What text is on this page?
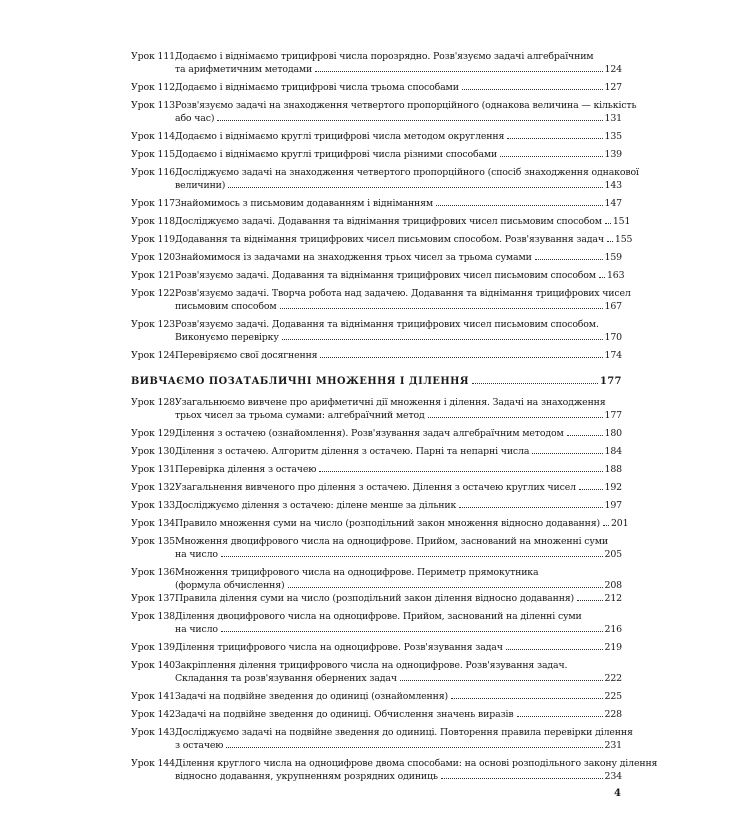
Урок 111.
Додаємо і віднімаємо трицифрові числа порозрядно. Розв'язуємо задачі алгебраїчним
та арифметичним методами	124
Урок 112.
Додаємо і віднімаємо трицифрові числа трьома способами	127
Урок 113.
Розв'язуємо задачі на знаходження четвертого пропорційного (однакова величина — кількість
або час)	131
Урок 114.
Додаємо і віднімаємо круглі трицифрові числа методом округлення	135
Урок 115.
Додаємо і віднімаємо круглі трицифрові числа різними способами	139
Урок 116.
Досліджуємо задачі на знаходження четвертого пропорційного (спосіб знаходження однакової
величини)	143
Урок 117.
Знайомимось з письмовим додаванням і відніманням	147
Урок 118.
Досліджуємо задачі. Додавання та віднімання трицифрових чисел письмовим способом 151
Урок 119.
Додавання та віднімання трицифрових чисел письмовим способом. Розв'язування задач 155
Урок 120.
Знайомимося із задачами на знаходження трьох чисел за трьома сумами	159
Урок 121.
Розв'язуємо задачі. Додавання та віднімання трицифрових чисел письмовим способом 163
Урок 122.
Розв'язуємо задачі. Творча робота над задачею. Додавання та віднімання трицифрових чисел
письмовим способом	167
Урок 123.
Розв'язуємо задачі. Додавання та віднімання трицифрових чисел письмовим способом.
Виконуємо перевірку	170
Урок 124.
Перевіряємо свої досягнення	174
ВИВЧАЄМО ПОЗАТАБЛИЧНІ МНОЖЕННЯ І ДІЛЕННЯ	177
Урок 128.
Узагальнюємо вивчене про арифметичні дії множення і ділення. Задачі на знаходження
трьох чисел за трьома сумами: алгебраїчний метод	177
Урок 129.
Ділення з остачею (ознайомлення). Розв'язування задач алгебраїчним методом	180
Урок 130.
Ділення з остачею. Алгоритм ділення з остачею. Парні та непарні числа	184
Урок 131.
Перевірка ділення з остачею	188
Урок 132.
Узагальнення вивченого про ділення з остачею. Ділення з остачею круглих чисел	192
Урок 133.
Досліджуємо ділення з остачею: ділене менше за дільник	197
Урок 134.
Правило множення суми на число (розподільний закон множення відносно додавання) 201
Урок 135.
Множення двоцифрового числа на одноцифрове. Прийом, заснований на множенні суми
на число	205
Урок 136.
Множення трицифрового числа на одноцифрове. Периметр прямокутника
(формула обчислення)	208
Урок 137.
Правила ділення суми на число (розподільний закон ділення відносно додавання)	212
Урок 138.
Ділення двоцифрового числа на одноцифрове. Прийом, заснований на діленні суми
на число	216
Урок 139.
Ділення трицифрового числа на одноцифрове. Розв'язування задач	219
Урок 140.
Закріплення ділення трицифрового числа на одноцифрове. Розв'язування задач.
Складання та розв'язування обернених задач	222
Урок 141.
Задачі на подвійне зведення до одиниці (ознайомлення)	225
Урок 142.
Задачі на подвійне зведення до одиниці. Обчислення значень виразів	228
Урок 143.
Досліджуємо задачі на подвійне зведення до одиниці. Повторення правила перевірки ділення
з остачею	231
Урок 144.
Ділення круглого числа на одноцифрове двома способами: на основі розподільного закону ділення
відносно додавання, укрупненням розрядних одиниць	234
4
